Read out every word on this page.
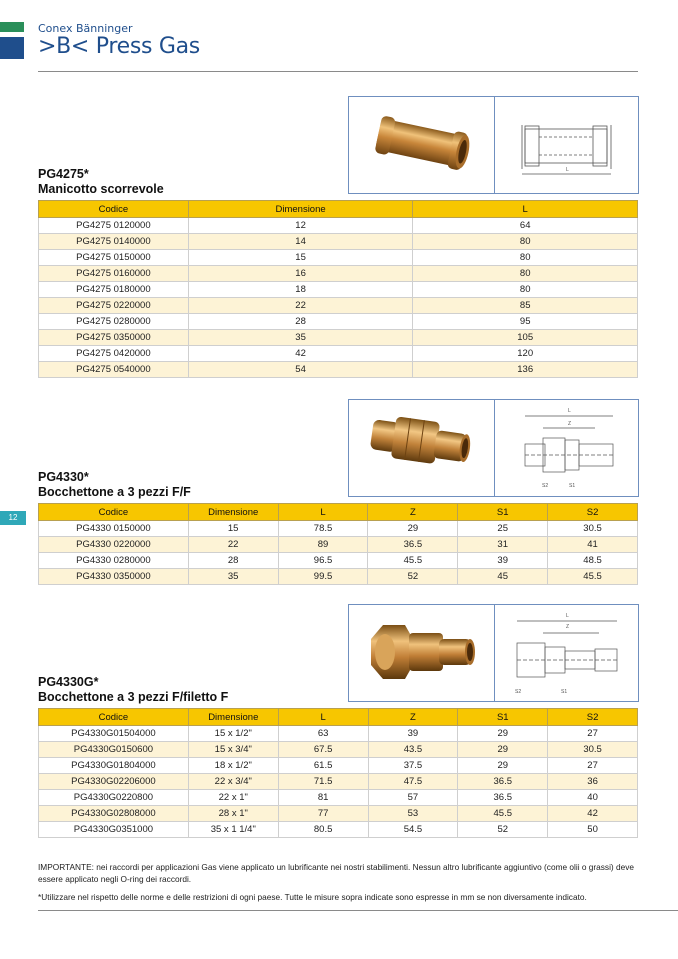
Conex Bänninger
>B< Press Gas
12
L
PG4275*
Manicotto scorrevole
Codice	Dimensione	L
PG4275 0120000	12	64
PG4275 0140000	14	80
PG4275 0150000	15	80
PG4275 0160000	16	80
PG4275 0180000	18	80
PG4275 0220000	22	85
PG4275 0280000	28	95
PG4275 0350000	35	105
PG4275 0420000	42	120
PG4275 0540000	54	136
L
Z
S2	S1
PG4330*
Bocchettone a 3 pezzi F/F
Codice	Dimensione	L	Z	S1	S2
PG4330 0150000	15	78.5	29	25	30.5
PG4330 0220000	22	89	36.5	31	41
PG4330 0280000	28	96.5	45.5	39	48.5
PG4330 0350000	35	99.5	52	45	45.5
L
Z
S2	S1
PG4330G*
Bocchettone a 3 pezzi F/filetto F
Codice	Dimensione	L	Z	S1	S2
PG4330G01504000	15 x 1/2"	63	39	29	27
PG4330G0150600	15 x 3/4"	67.5	43.5	29	30.5
PG4330G01804000	18 x 1/2"	61.5	37.5	29	27
PG4330G02206000	22 x 3/4"	71.5	47.5	36.5	36
PG4330G0220800	22 x 1"	81	57	36.5	40
PG4330G02808000	28 x 1"	77	53	45.5	42
PG4330G0351000	35 x 1 1/4"	80.5	54.5	52	50
IMPORTANTE: nei raccordi per applicazioni Gas viene applicato un lubrificante nei nostri stabilimenti. Nessun altro lubrificante aggiuntivo (come olii o grassi) deve essere applicato negli O-ring dei raccordi.
*Utilizzare nel rispetto delle norme e delle restrizioni di ogni paese. Tutte le misure sopra indicate sono espresse in mm se non diversamente indicato.
